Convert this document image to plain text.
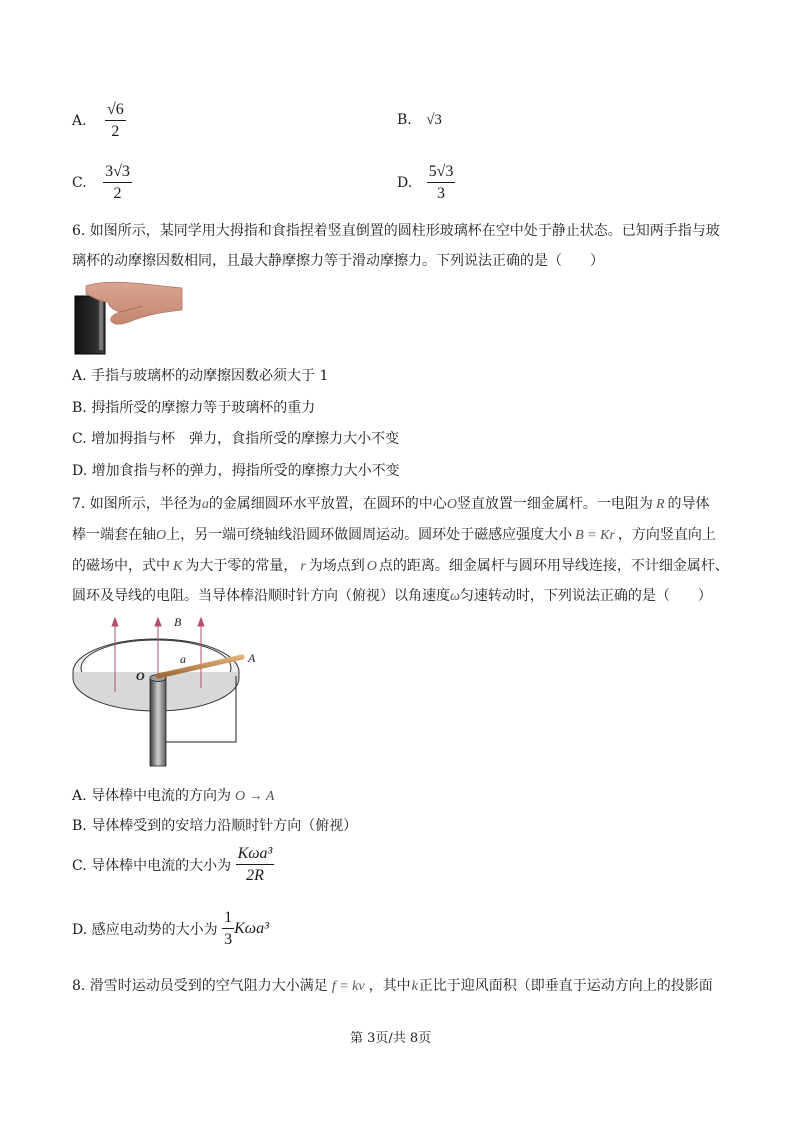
A. $\frac{√6}{2}$	B. √3
C. $\frac{3√3}{2}$	D. $\frac{5√3}{3}$
6. 如图所示，某同学用大拇指和食指捏着竖直倒置的圆柱形玻璃杯在空中处于静止状态。已知两手指与玻
璃杯的动摩擦因数相同，且最大静摩擦力等于滑动摩擦力。下列说法正确的是（　　）
A. 手指与玻璃杯的动摩擦因数必须大于 1
B. 拇指所受的摩擦力等于玻璃杯的重力
C. 增加拇指与杯　弹力，食指所受的摩擦力大小不变
D. 增加食指与杯的弹力，拇指所受的摩擦力大小不变
7. 如图所示，半径为a的金属细圆环水平放置，在圆环的中心O竖直放置一细金属杆。一电阻为 R 的导体
棒一端套在轴O上，另一端可绕轴线沿圆环做圆周运动。圆环处于磁感应强度大小 B = Kr ，方向竖直向上
的磁场中，式中 K 为大于零的常量， r 为场点到 O 点的距离。细金属杆与圆环用导线连接，不计细金属杆、
圆环及导线的电阻。当导体棒沿顺时针方向（俯视）以角速度ω匀速转动时，下列说法正确的是（　　）
B
a
O
A
A. 导体棒中电流的方向为 O → A
B. 导体棒受到的安培力沿顺时针方向（俯视）
C. 导体棒中电流的大小为 $\frac{\text{Kωa³}}{2R}$
D. 感应电动势的大小为 $\frac{1}{3} K\omega a^3$
8. 滑雪时运动员受到的空气阻力大小满足 f = kv ，其中k正比于迎风面积（即垂直于运动方向上的投影面
第 3页/共 8页
